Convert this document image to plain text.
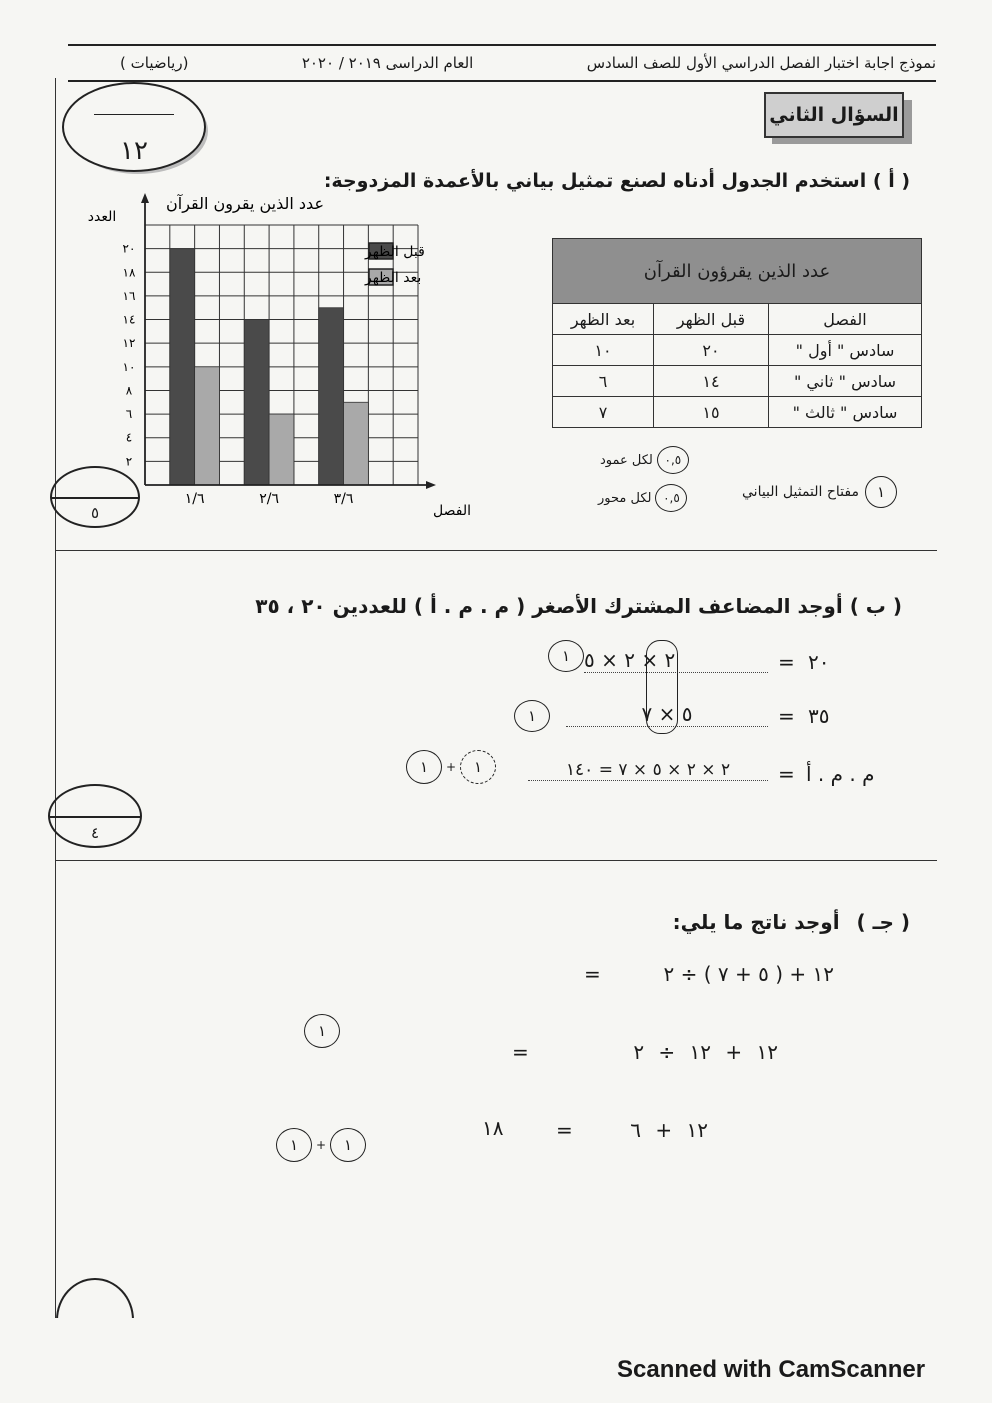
( رياضيات)	العام الدراسى ٢٠١٩ / ٢٠٢٠	نموذج اجابة اختبار الفصل الدراسي الأول للصف السادس
١٢
السؤال الثاني
( أ ) استخدم الجدول أدناه لصنع تمثيل بياني بالأعمدة المزدوجة:
١/٦	٢/٦	٣/٦
٢
٤
٦
٨
١٠
١٢
١٤
١٦
١٨
٢٠
عدد الذين يقرون القرآن
العدد
الفصل
قبل الظهر
بعد الظهر	عدد الذين يقرؤون القرآن
الفصل	قبل الظهر	بعد الظهر
سادس " أول "	٢٠	١٠
سادس " ثاني "	١٤	٦
سادس " ثالث "	١٥	٧
٠,٥
لكل عمود
١
مفتاح التمثيل البياني
٠,٥
لكل محور
٥
( ب ) أوجد المضاعف المشترك الأصغر ( م . م . أ ) للعددين ٢٠ ، ٣٥
٢٠
=
٢ × ٢ × ٥
١
٣٥
=
٥ × ٧
١
م . م . أ
=
٢ × ٢ × ٥ × ٧ = ١٤٠
١	+	١
٤
( جـ ) أوجد ناتج ما يلي:
١٢ + ( ٥ + ٧ ) ÷ ٢
=
١٢ + ١٢ ÷ ٢
=
١
١٢ + ٦
=
١٨
١	+	١
Scanned with CamScanner
